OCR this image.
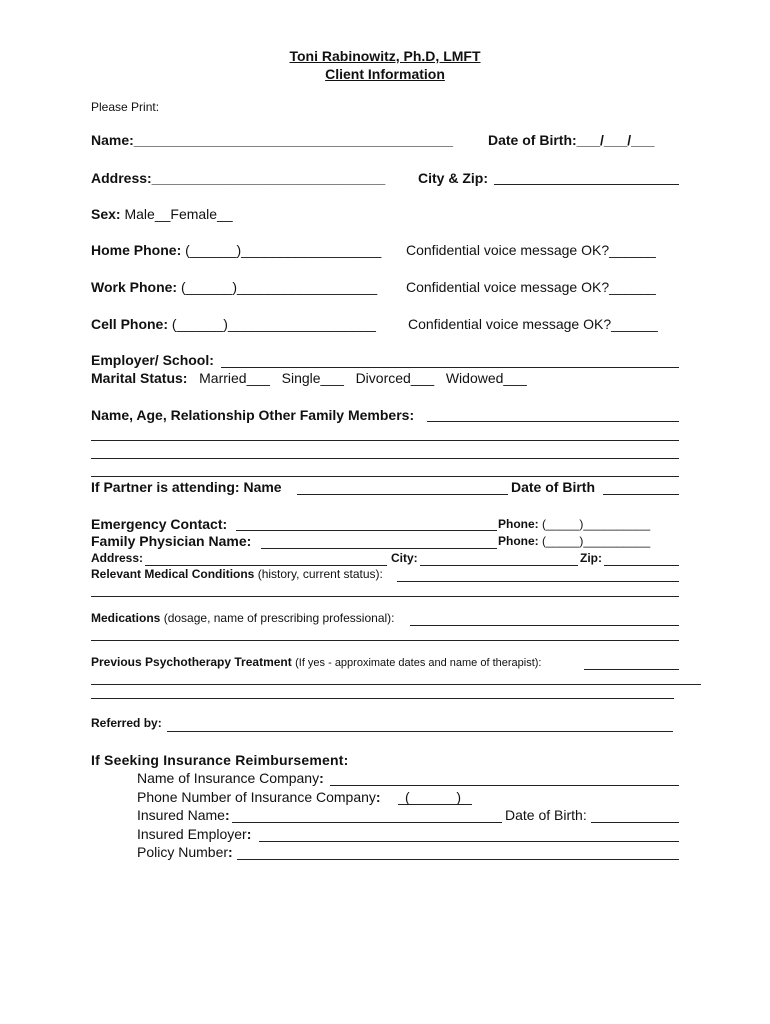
Toni Rabinowitz, Ph.D, LMFT
Client Information
Please Print:
Name:_________________________________________ Date of Birth:___/___/___
Address:______________________________ City & Zip:
Sex: Male__Female__
Home Phone: (______)__________________ Confidential voice message OK?______
Work Phone: (______)__________________ Confidential voice message OK?______
Cell Phone: (______)___________________ Confidential voice message OK?______
Employer/ School:
Marital Status: Married___   Single___   Divorced___   Widowed___
Name, Age, Relationship Other Family Members:
If Partner is attending: Name	Date of Birth
Emergency Contact:	Phone: (_____)__________
Family Physician Name:	Phone: (_____)__________
Address:	City:	Zip:
Relevant Medical Conditions (history, current status):
Medications (dosage, name of prescribing professional):
Previous Psychotherapy Treatment (If yes - approximate dates and name of therapist):
Referred by:
If Seeking Insurance Reimbursement:
Name of Insurance Company:
Phone Number of Insurance Company: (______)
Insured Name:	Date of Birth:
Insured Employer:
Policy Number:
